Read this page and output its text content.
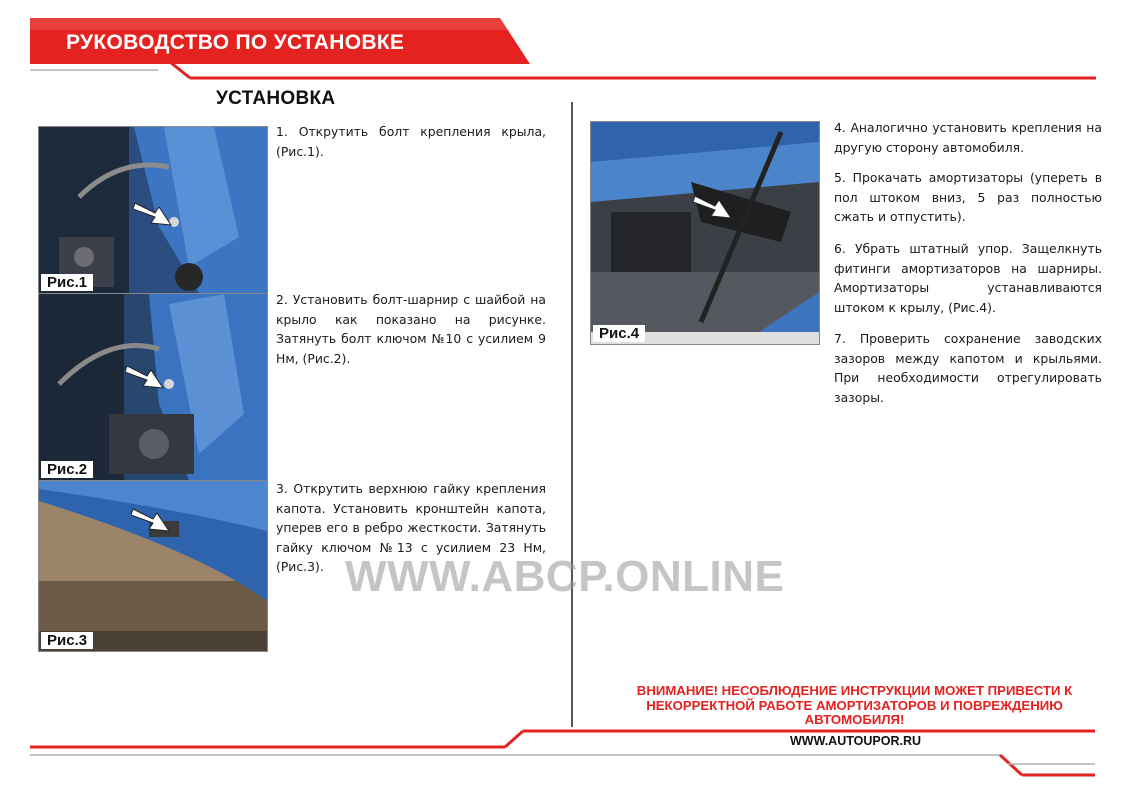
РУКОВОДСТВО ПО УСТАНОВКЕ
УСТАНОВКА
Рис.1
Рис.2
Рис.3
1. Открутить болт крепления крыла, (Рис.1).
2. Установить болт-шарнир с шайбой на крыло как показано на рисунке. Затянуть болт ключом №10 с усилием 9 Нм, (Рис.2).
3. Открутить верхнюю гайку крепления капота. Установить кронштейн капота, уперев его в ребро жесткости. Затянуть гайку ключом №13 с усилием 23 Нм, (Рис.3).
Рис.4
4. Аналогично установить крепления на другую сторону автомобиля.
5. Прокачать амортизаторы (упереть в пол штоком вниз, 5 раз полностью сжать и отпустить).
6. Убрать штатный упор. Защелкнуть фитинги амортизаторов на шарниры. Амортизаторы устанавливаются штоком к крылу, (Рис.4).
7. Проверить сохранение заводских зазоров между капотом и крыльями. При необходимости отрегулировать зазоры.
WWW.ABCP.ONLINE
ВНИМАНИЕ! НЕСОБЛЮДЕНИЕ ИНСТРУКЦИИ МОЖЕТ ПРИВЕСТИ К НЕКОРРЕКТНОЙ РАБОТЕ АМОРТИЗАТОРОВ И ПОВРЕЖДЕНИЮ АВТОМОБИЛЯ!
WWW.AUTOUPOR.RU
